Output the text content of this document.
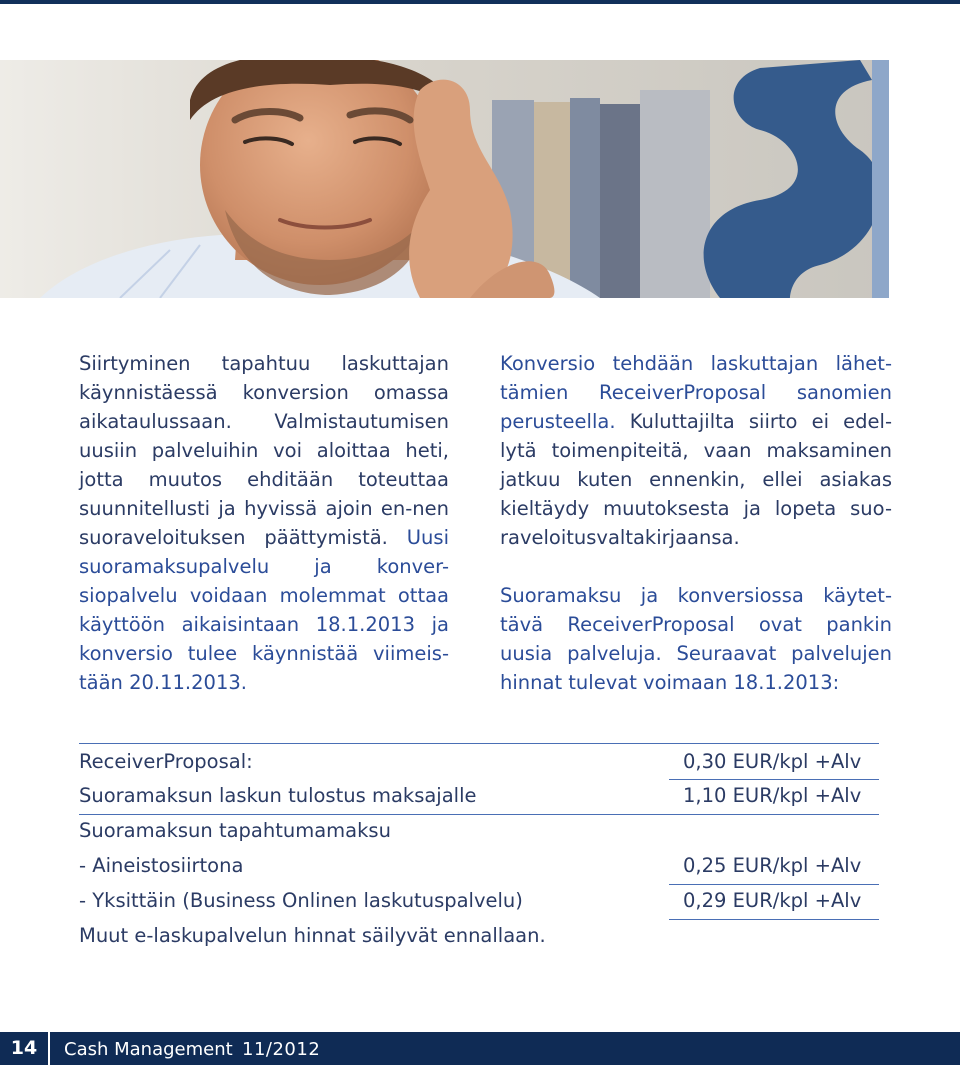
Siirtyminen tapahtuu laskuttajan käynnistäessä konversion omassa aikataulussaan. Valmistautumisen uusiin palveluihin voi aloittaa heti, jotta muutos ehditään toteuttaa suunnitellusti ja hyvissä ajoin en-nen suoraveloituksen päättymistä. Uusi suoramaksupalvelu ja konver-siopalvelu voidaan molemmat ottaa käyttöön aikaisintaan 18.1.2013 ja konversio tulee käynnistää viimeis-tään 20.11.2013.

Konversio tehdään laskuttajan lähet-tämien ReceiverProposal sanomien perusteella. Kuluttajilta siirto ei edel-lytä toimenpiteitä, vaan maksaminen jatkuu kuten ennenkin, ellei asiakas kieltäydy muutoksesta ja lopeta suo-raveloitusvaltakirjaansa.

Suoramaksu ja konversiossa käytet-tävä ReceiverProposal ovat pankin uusia palveluja. Seuraavat palvelujen hinnat tulevat voimaan 18.1.2013:

ReceiverProposal:	0,30 EUR/kpl +Alv
Suoramaksun laskun tulostus maksajalle	1,10 EUR/kpl +Alv
Suoramaksun tapahtumamaksu
- Aineistosiirtona	0,25 EUR/kpl +Alv
- Yksittäin (Business Onlinen laskutuspalvelu)	0,29 EUR/kpl +Alv
Muut e-laskupalvelun hinnat säilyvät ennallaan.
14	Cash Management 11/2012
